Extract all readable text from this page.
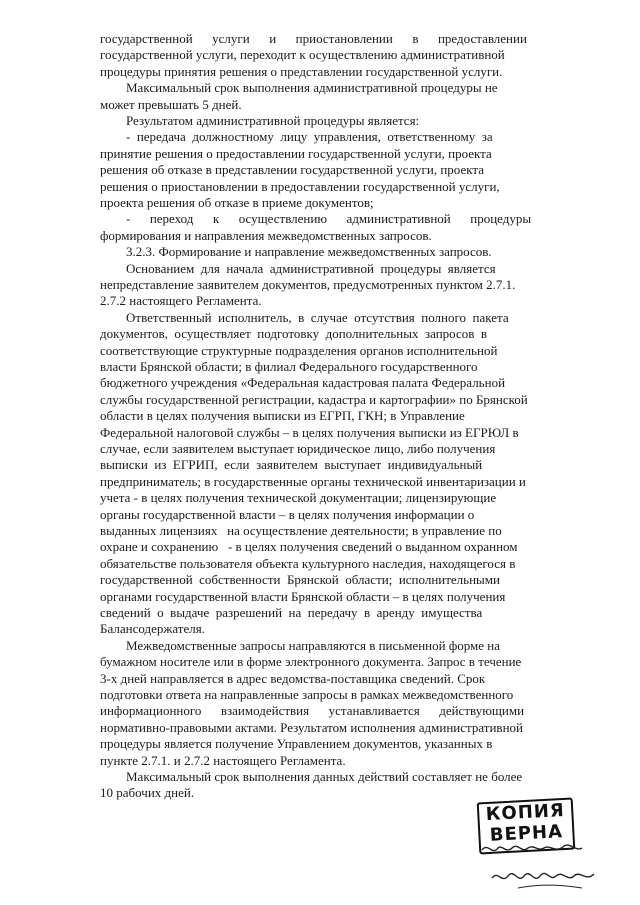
государственной      услуги      и      приостановлении      в      предоставлении
государственной услуги, переходит к осуществлению административной
процедуры принятия решения о представлении государственной услуги.
Максимальный срок выполнения административной процедуры не
может превышать 5 дней.
Результатом административной процедуры является:
-  передача  должностному  лицу  управления,  ответственному  за
принятие решения о предоставлении государственной услуги, проекта
решения об отказе в представлении государственной услуги, проекта
решения о приостановлении в предоставлении государственной услуги,
проекта решения об отказе в приеме документов;
-      переход      к      осуществлению      административной      процедуры
формирования и направления межведомственных запросов.
3.2.3. Формирование и направление межведомственных запросов.
Основанием  для  начала  административной  процедуры  является
непредставление заявителем документов, предусмотренных пунктом 2.7.1.
2.7.2 настоящего Регламента.
Ответственный  исполнитель,  в  случае  отсутствия  полного  пакета
документов,  осуществляет  подготовку  дополнительных  запросов  в
соответствующие структурные подразделения органов исполнительной
власти Брянской области; в филиал Федерального государственного
бюджетного учреждения «Федеральная кадастровая палата Федеральной
службы государственной регистрации, кадастра и картографии» по Брянской
области в целях получения выписки из ЕГРП, ГКН; в Управление
Федеральной налоговой службы – в целях получения выписки из ЕГРЮЛ в
случае, если заявителем выступает юридическое лицо, либо получения
выписки  из  ЕГРИП,  если  заявителем  выступает  индивидуальный
предприниматель; в государственные органы технической инвентаризации и
учета - в целях получения технической документации; лицензирующие
органы государственной власти – в целях получения информации о
выданных лицензиях   на осуществление деятельности; в управление по
охране и сохранению   - в целях получения сведений о выданном охранном
обязательстве пользователя объекта культурного наследия, находящегося в
государственной  собственности  Брянской  области;  исполнительными
органами государственной власти Брянской области – в целях получения
сведений  о  выдаче  разрешений  на  передачу  в  аренду  имущества
Балансодержателя.
Межведомственные запросы направляются в письменной форме на
бумажном носителе или в форме электронного документа. Запрос в течение
3-х дней направляется в адрес ведомства-поставщика сведений. Срок
подготовки ответа на направленные запросы в рамках межведомственного
информационного      взаимодействия      устанавливается      действующими
нормативно-правовыми актами. Результатом исполнения административной
процедуры является получение Управлением документов, указанных в
пункте 2.7.1. и 2.7.2 настоящего Регламента.
Максимальный срок выполнения данных действий составляет не более
10 рабочих дней.
КОПИЯ
ВЕРНА
